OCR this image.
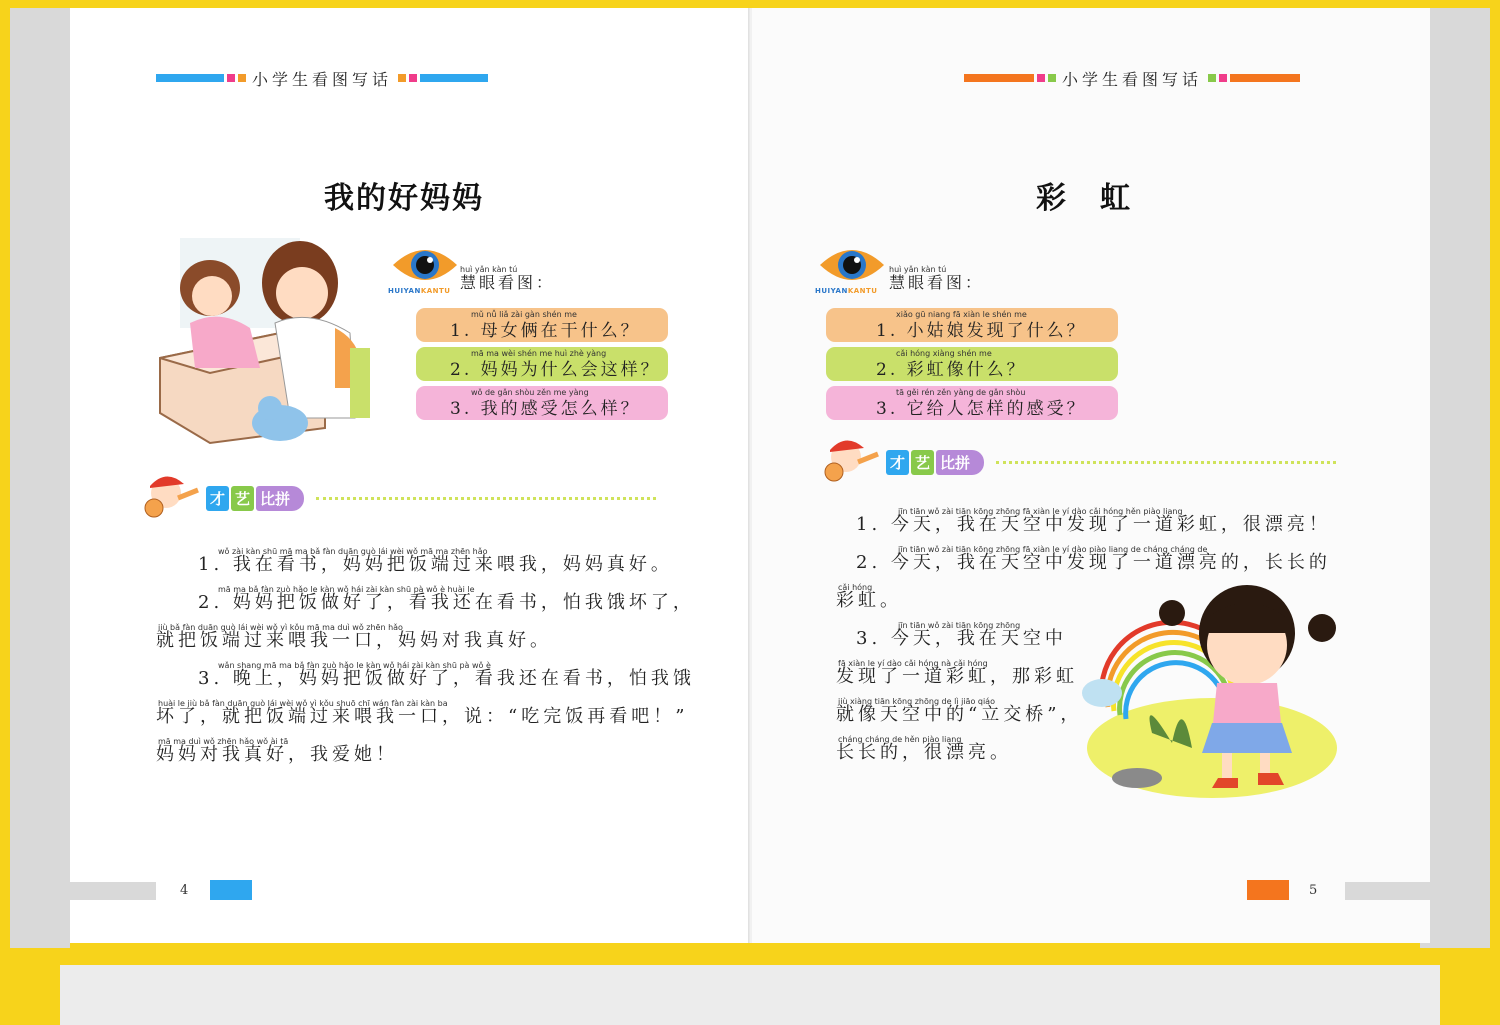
小学生看图写话
我的好妈妈
HUIYANKANTU
huì yǎn kàn tú
慧眼看图：
mǔ nǚ liǎ zài gàn shén me
1. 母女俩在干什么？
mā ma wèi shén me huì zhè yàng
2. 妈妈为什么会这样？
wǒ de gǎn shòu zěn me yàng
3. 我的感受怎么样？
才 艺 比拼
wǒ zài kàn shū mā ma bǎ fàn duān guò lái wèi wǒ mā ma zhēn hǎo
1. 我在看书，妈妈把饭端过来喂我，妈妈真好。
mā ma bǎ fàn zuò hǎo le kàn wǒ hái zài kàn shū pà wǒ è huài le
2. 妈妈把饭做好了，看我还在看书，怕我饿坏了，
jiù bǎ fàn duān guò lái wèi wǒ yì kǒu mā ma duì wǒ zhēn hǎo
就把饭端过来喂我一口，妈妈对我真好。
wǎn shang mā ma bǎ fàn zuò hǎo le kàn wǒ hái zài kàn shū pà wǒ è
3. 晚上，妈妈把饭做好了，看我还在看书，怕我饿
huài le jiù bǎ fàn duān guò lái wèi wǒ yì kǒu shuō chī wán fàn zài kàn ba
坏了，就把饭端过来喂我一口，说：“吃完饭再看吧！”
mā ma duì wǒ zhēn hǎo wǒ ài tā
妈妈对我真好，我爱她！
4
小学生看图写话
彩　虹
HUIYANKANTU
huì yǎn kàn tú
慧眼看图：
xiǎo gū niang fā xiàn le shén me
1. 小姑娘发现了什么？
cǎi hóng xiàng shén me
2. 彩虹像什么？
tā gěi rén zěn yàng de gǎn shòu
3. 它给人怎样的感受？
才 艺 比拼
jīn tiān wǒ zài tiān kōng zhōng fā xiàn le yí dào cǎi hóng hěn piào liang
1. 今天，我在天空中发现了一道彩虹，很漂亮！
jīn tiān wǒ zài tiān kōng zhōng fā xiàn le yí dào piào liang de cháng cháng de
2. 今天，我在天空中发现了一道漂亮的，长长的
cǎi hóng
彩虹。
jīn tiān wǒ zài tiān kōng zhōng
3. 今天，我在天空中
fā xiàn le yí dào cǎi hóng nà cǎi hóng
发现了一道彩虹，那彩虹
jiù xiàng tiān kōng zhōng de lì jiāo qiáo
就像天空中的“立交桥”，
cháng cháng de hěn piào liang
长长的，很漂亮。
5
